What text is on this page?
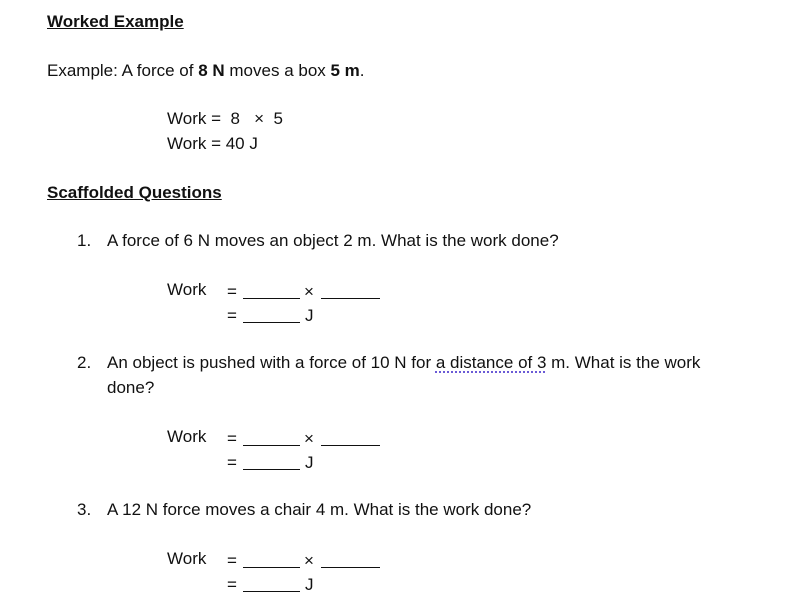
Worked Example
Example: A force of 8 N moves a box 5 m.
Work =  8   ×  5
Work = 40 J
Scaffolded Questions
1. A force of 6 N moves an object 2 m. What is the work done?
Work =	×
=	J
2. An object is pushed with a force of 10 N for a distance of 3 m. What is the work
done?
Work =	×
=	J
3. A 12 N force moves a chair 4 m. What is the work done?
Work =	×
=	J
